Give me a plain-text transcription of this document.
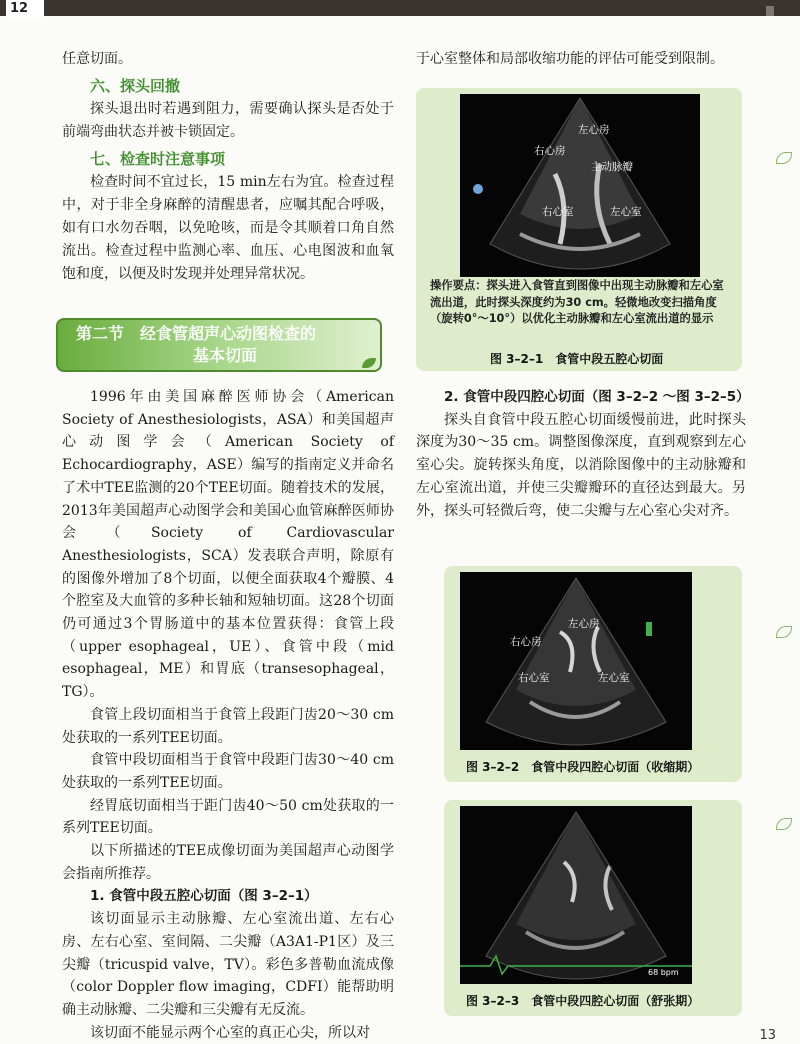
12

任意切面。

六、探头回撤

探头退出时若遇到阻力，需要确认探头是否处于前端弯曲状态并被卡锁固定。

七、检查时注意事项

检查时间不宜过长，15 min左右为宜。检查过程中，对于非全身麻醉的清醒患者，应嘱其配合呼吸，如有口水勿吞咽，以免呛咳，而是令其顺着口角自然流出。检查过程中监测心率、血压、心电图波和血氧饱和度，以便及时发现并处理异常状况。

第二节　经食管超声心动图检查的
基本切面

1996年由美国麻醉医师协会（American Society of Anesthesiologists，ASA）和美国超声心动图学会（American Society of Echocardiography，ASE）编写的指南定义并命名了术中TEE监测的20个TEE切面。随着技术的发展，2013年美国超声心动图学会和美国心血管麻醉医师协会（Society of Cardiovascular Anesthesiologists，SCA）发表联合声明，除原有的图像外增加了8个切面，以便全面获取4个瓣膜、4个腔室及大血管的多种长轴和短轴切面。这28个切面仍可通过3个胃肠道中的基本位置获得：食管上段（upper esophageal，UE）、食管中段（mid esophageal，ME）和胃底（transesophageal，TG）。

食管上段切面相当于食管上段距门齿20～30 cm处获取的一系列TEE切面。

食管中段切面相当于食管中段距门齿30～40 cm处获取的一系列TEE切面。

经胃底切面相当于距门齿40～50 cm处获取的一系列TEE切面。

以下所描述的TEE成像切面为美国超声心动图学会指南所推荐。

1. 食管中段五腔心切面（图 3–2–1）

该切面显示主动脉瓣、左心室流出道、左右心房、左右心室、室间隔、二尖瓣（A3A1-P1区）及三尖瓣（tricuspid valve，TV）。彩色多普勒血流成像（color Doppler flow imaging，CDFI）能帮助明确主动脉瓣、二尖瓣和三尖瓣有无反流。

该切面不能显示两个心室的真正心尖，所以对

于心室整体和局部收缩功能的评估可能受到限制。

左心房
右心房
主动脉瓣
右心室	左心室
操作要点：探头进入食管直到图像中出现主动脉瓣和左心室流出道，此时探头深度约为30 cm。轻微地改变扫描角度（旋转0°～10°）以优化主动脉瓣和左心室流出道的显示
图 3–2–1　食管中段五腔心切面

2. 食管中段四腔心切面（图 3–2–2 ～图 3–2–5）

探头自食管中段五腔心切面缓慢前进，此时探头深度为30～35 cm。调整图像深度，直到观察到左心室心尖。旋转探头角度，以消除图像中的主动脉瓣和左心室流出道，并使三尖瓣瓣环的直径达到最大。另外，探头可轻微后弯，使二尖瓣与左心室心尖对齐。

左心房
右心房
右心室	左心室
图 3–2–2　食管中段四腔心切面（收缩期）
68 bpm
图 3–2–3　食管中段四腔心切面（舒张期）
13
